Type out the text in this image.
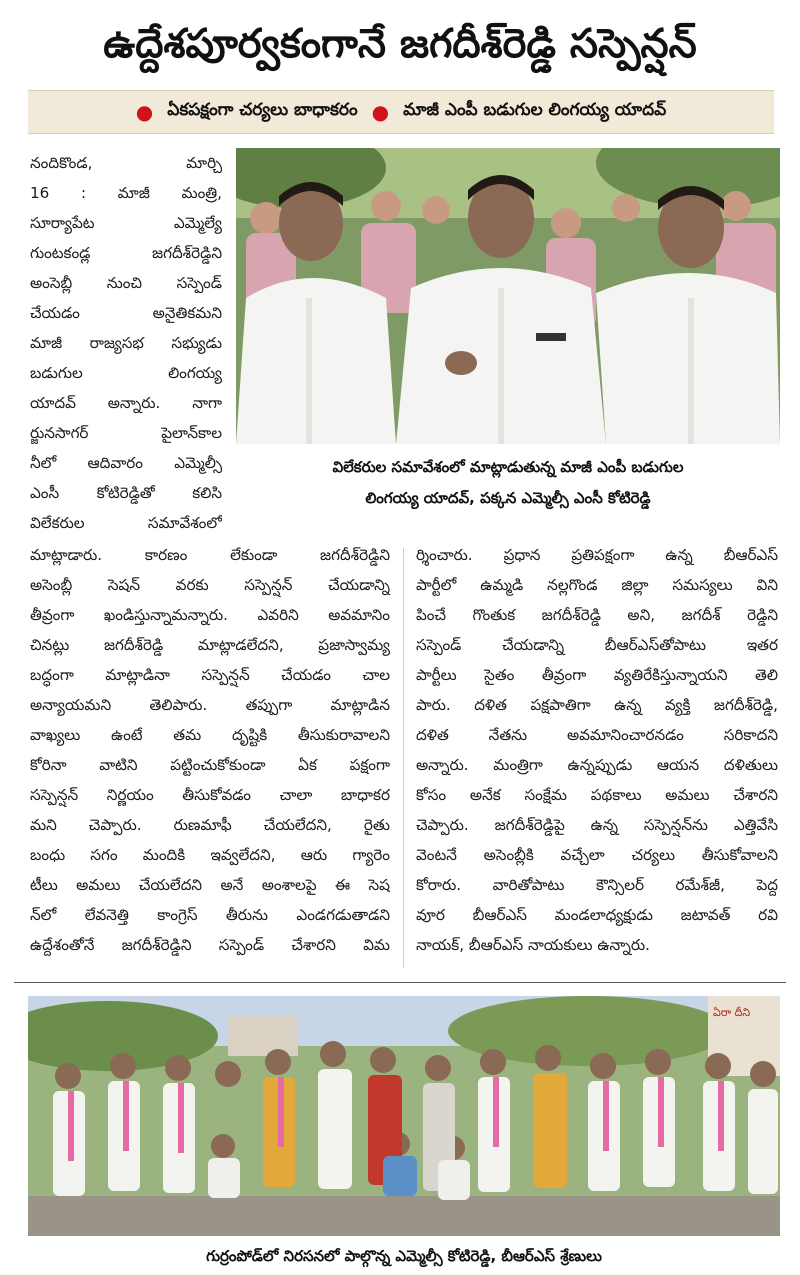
ఉద్దేశపూర్వకంగానే జగదీశ్‌రెడ్డి సస్పెన్షన్
● ఏకపక్షంగా చర్యలు బాధాకరం ● మాజీ ఎంపీ బడుగుల లింగయ్య యాదవ్
నందికొండ, మార్చి
16 : మాజీ మంత్రి,
సూర్యాపేట ఎమ్మెల్యే
గుంటకండ్ల జగదీశ్‌రెడ్డిని
అంసెబ్లీ నుంచి సస్పెండ్
చేయడం అనైతికమని
మాజీ రాజ్యసభ సభ్యుడు
బడుగుల లింగయ్య
యాదవ్ అన్నారు. నాగా
ర్జునసాగర్ పైలాన్‌కాల
నీలో ఆదివారం ఎమ్మెల్సీ
ఎంసీ కోటిరెడ్డితో కలిసి
విలేకరుల సమావేశంలో
విలేకరుల సమావేశంలో మాట్లాడుతున్న మాజీ ఎంపీ బడుగుల
లింగయ్య యాదవ్, పక్కన ఎమ్మెల్సీ ఎంసీ కోటిరెడ్డి
మాట్లాడారు. కారణం లేకుండా జగదీశ్‌రెడ్డిని
అసెంబ్లీ సెషన్ వరకు సస్పెన్షన్ చేయడాన్ని
తీవ్రంగా ఖండిస్తున్నామన్నారు. ఎవరిని అవమానిం
చినట్లు జగదీశ్‌రెడ్డి మాట్లాడలేదని, ప్రజాస్వామ్య
బద్ధంగా మాట్లాడినా సస్పెన్షన్ చేయడం చాల
అన్యాయమని తెలిపారు. తప్పుగా మాట్లాడిన
వాఖ్యలు ఉంటే తమ దృష్టికి తీసుకురావాలని
కోరినా వాటిని పట్టించుకోకుండా ఏక పక్షంగా
సస్పెన్షన్ నిర్ణయం తీసుకోవడం చాలా బాధాకర
మని చెప్పారు. రుణమాఫీ చేయలేదని, రైతు
బంధు సగం మందికి ఇవ్వలేదని, ఆరు గ్యారెం
టీలు అమలు చేయలేదని అనే అంశాలపై ఈ సెష
న్‌లో లేవనెత్తి కాంగ్రెస్ తీరును ఎండగడుతాడని
ఉద్దేశంతోనే జగదీశ్‌రెడ్డిని సస్పెండ్ చేశారని విమ
ర్శించారు. ప్రధాన ప్రతిపక్షంగా ఉన్న బీఆర్ఎస్
పార్టీలో ఉమ్మడి నల్లగొండ జిల్లా సమస్యలు విని
పించే గొంతుక జగదీశ్‌రెడ్డి అని, జగదీశ్ రెడ్డిని
సస్పెండ్ చేయడాన్ని బీఆర్ఎస్‌తోపాటు ఇతర
పార్టీలు సైతం తీవ్రంగా వ్యతిరేకిస్తున్నాయని తెలి
పారు. దళిత పక్షపాతిగా ఉన్న వ్యక్తి జగదీశ్‌రెడ్డి,
దళిత నేతను అవమానించారనడం సరికాదని
అన్నారు. మంత్రిగా ఉన్నప్పుడు ఆయన దళితులు
కోసం అనేక సంక్షేమ పథకాలు అమలు చేశారని
చెప్పారు. జగదీశ్‌రెడ్డిపై ఉన్న సస్పెన్షన్‌ను ఎత్తివేసి
వెంటనే అసెంబ్లీకి వచ్చేలా చర్యలు తీసుకోవాలని
కోరారు. వారితోపాటు కౌన్సిలర్ రమేశ్‌జీ, పెద్ద
వూర బీఆర్ఎస్ మండలాధ్యక్షుడు జటావత్ రవి
నాయక్, బీఆర్ఎస్ నాయకులు ఉన్నారు.
ఏరా దీని
గుర్రంపోడ్‌లో నిరసనలో పాల్గొన్న ఎమ్మెల్సీ కోటిరెడ్డి, బీఆర్ఎస్ శ్రేణులు
